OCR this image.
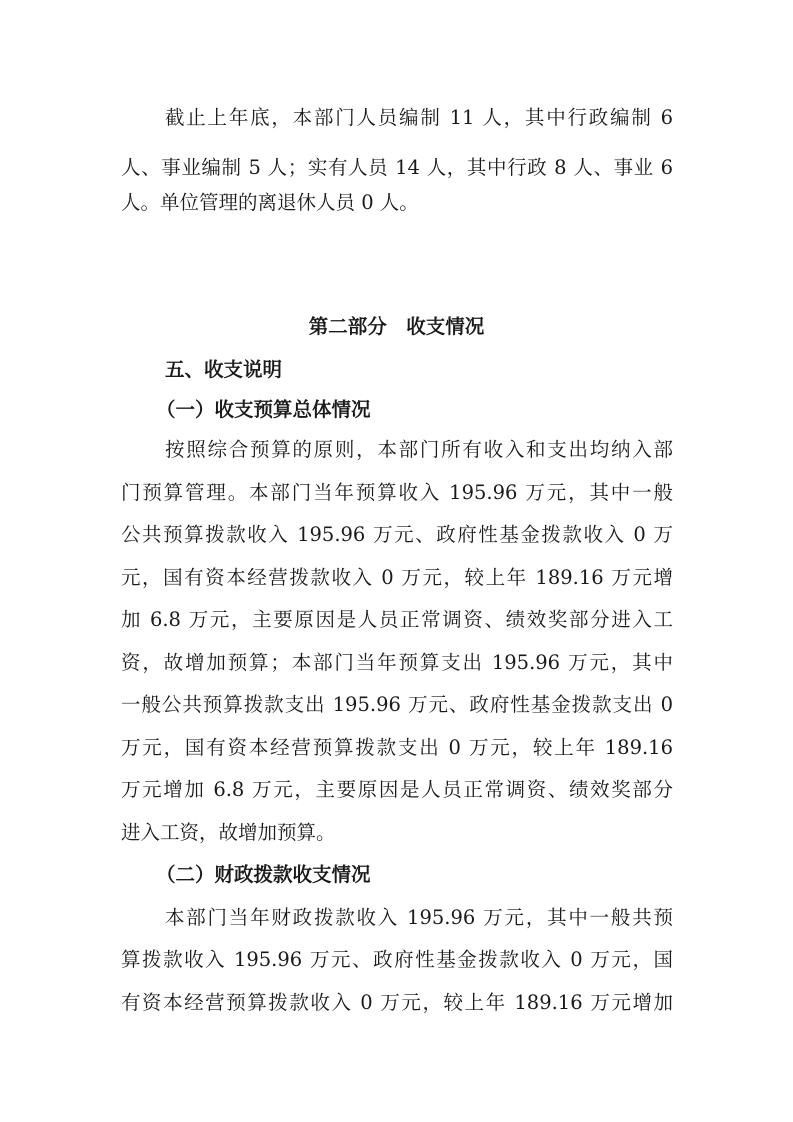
截止上年底，本部门人员编制 11 人，其中行政编制 6
人、事业编制 5 人；实有人员 14 人，其中行政 8 人、事业 6
人。单位管理的离退休人员 0 人。
第二部分　收支情况
五、收支说明
（一）收支预算总体情况
按照综合预算的原则，本部门所有收入和支出均纳入部
门预算管理。本部门当年预算收入 195.96 万元，其中一般
公共预算拨款收入 195.96 万元、政府性基金拨款收入 0 万
元，国有资本经营拨款收入 0 万元，较上年 189.16 万元增
加 6.8 万元，主要原因是人员正常调资、绩效奖部分进入工
资，故增加预算；本部门当年预算支出 195.96 万元，其中
一般公共预算拨款支出 195.96 万元、政府性基金拨款支出 0
万元，国有资本经营预算拨款支出 0 万元，较上年 189.16
万元增加 6.8 万元，主要原因是人员正常调资、绩效奖部分
进入工资，故增加预算。
（二）财政拨款收支情况
本部门当年财政拨款收入 195.96 万元，其中一般共预
算拨款收入 195.96 万元、政府性基金拨款收入 0 万元，国
有资本经营预算拨款收入 0 万元，较上年 189.16 万元增加
